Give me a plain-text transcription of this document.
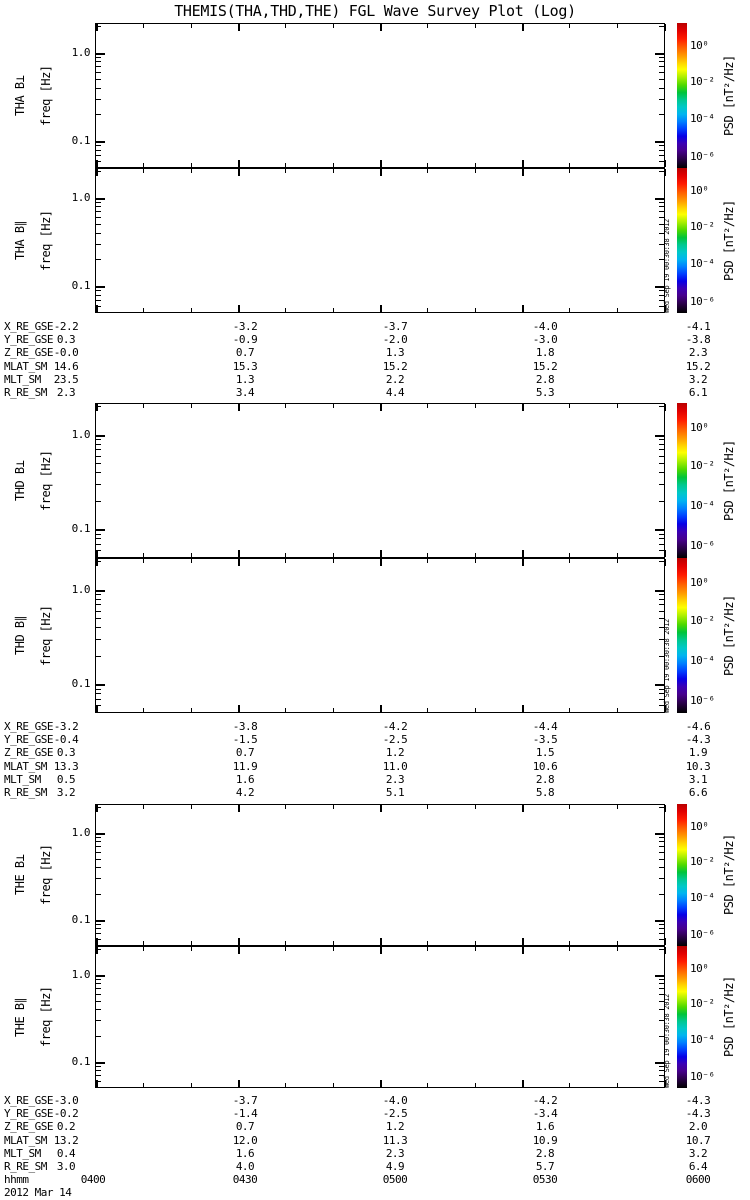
THEMIS(THA,THD,THE) FGL Wave Survey Plot (Log)
1.0
0.1
THA B⊥ freq [Hz]
10⁰
10⁻²
10⁻⁴
10⁻⁶
PSD [nT²/Hz]
1.0
0.1
THA B∥ freq [Hz]
10⁰
10⁻²
10⁻⁴
10⁻⁶
PSD [nT²/Hz]
Wed Sep 19 00:30:38 2012
X_RE_GSE -2.2	-3.2	-3.7	-4.0	-4.1
Y_RE_GSE 0.3	-0.9	-2.0	-3.0	-3.8
Z_RE_GSE -0.0	0.7	1.3	1.8	2.3
MLAT_SM 14.6	15.3	15.2	15.2	15.2
MLT_SM	23.5	1.3	2.2	2.8	3.2
R_RE_SM 2.3	3.4	4.4	5.3	6.1
1.0
0.1
THD B⊥ freq [Hz]
10⁰
10⁻²
10⁻⁴
10⁻⁶
PSD [nT²/Hz]
1.0
0.1
THD B∥ freq [Hz]
10⁰
10⁻²
10⁻⁴
10⁻⁶
PSD [nT²/Hz]
Wed Sep 19 00:30:38 2012
X_RE_GSE -3.2	-3.8	-4.2	-4.4	-4.6
Y_RE_GSE -0.4	-1.5	-2.5	-3.5	-4.3
Z_RE_GSE 0.3	0.7	1.2	1.5	1.9
MLAT_SM 13.3	11.9	11.0	10.6	10.3
MLT_SM	0.5	1.6	2.3	2.8	3.1
R_RE_SM 3.2	4.2	5.1	5.8	6.6
1.0
0.1
THE B⊥ freq [Hz]
10⁰
10⁻²
10⁻⁴
10⁻⁶
PSD [nT²/Hz]
1.0
0.1
THE B∥ freq [Hz]
10⁰
10⁻²
10⁻⁴
10⁻⁶
PSD [nT²/Hz]
Wed Sep 19 00:30:38 2012
X_RE_GSE -3.0	-3.7	-4.0	-4.2	-4.3
Y_RE_GSE -0.2	-1.4	-2.5	-3.4	-4.3
Z_RE_GSE 0.2	0.7	1.2	1.6	2.0
MLAT_SM 13.2	12.0	11.3	10.9	10.7
MLT_SM	0.4	1.6	2.3	2.8	3.2
R_RE_SM 3.0	4.0	4.9	5.7	6.4
hhmm	0400	0430	0500	0530	0600
2012 Mar 14
